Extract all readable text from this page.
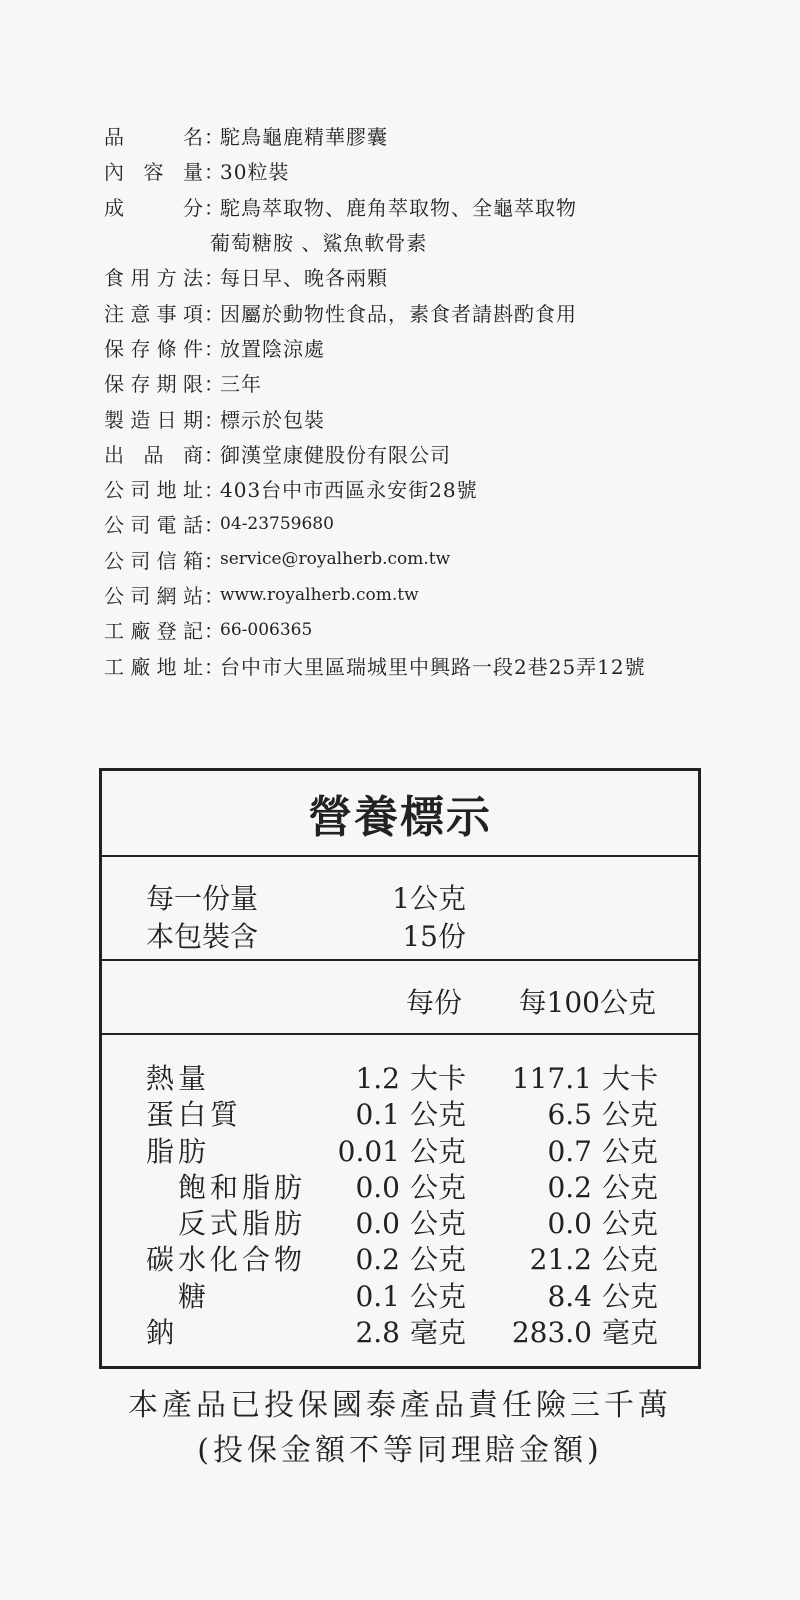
品　名 ：
駝鳥龜鹿精華膠囊
內容量 ：
30粒裝
成　分 ：
駝鳥萃取物、鹿角萃取物、全龜萃取物
葡萄糖胺 、鯊魚軟骨素
食用方法 ：
每日早、晚各兩顆
注意事項 ：
因屬於動物性食品，素食者請斟酌食用
保存條件 ：
放置陰涼處
保存期限 ：
三年
製造日期 ：
標示於包裝
出品商 ：
御漢堂康健股份有限公司
公司地址 ：
403台中市西區永安街28號
公司電話 ：
04-23759680
公司信箱 ：
service@royalherb.com.tw
公司網站 ：
www.royalherb.com.tw
工廠登記 ：
66-006365
工廠地址 ：
台中市大里區瑞城里中興路一段2巷25弄12號
營養標示
每一份量	1公克
本包裝含	15份
每份 每100公克
熱量	1.2 大卡 117.1 大卡
蛋白質	0.1 公克	6.5 公克
脂肪	0.01 公克	0.7 公克
飽和脂肪 0.0 公克	0.2 公克
反式脂肪 0.0 公克	0.0 公克
碳水化合物 0.2 公克 21.2 公克
糖	0.1 公克	8.4 公克
鈉	2.8 毫克 283.0 毫克
本產品已投保國泰產品責任險三千萬
(投保金額不等同理賠金額)
